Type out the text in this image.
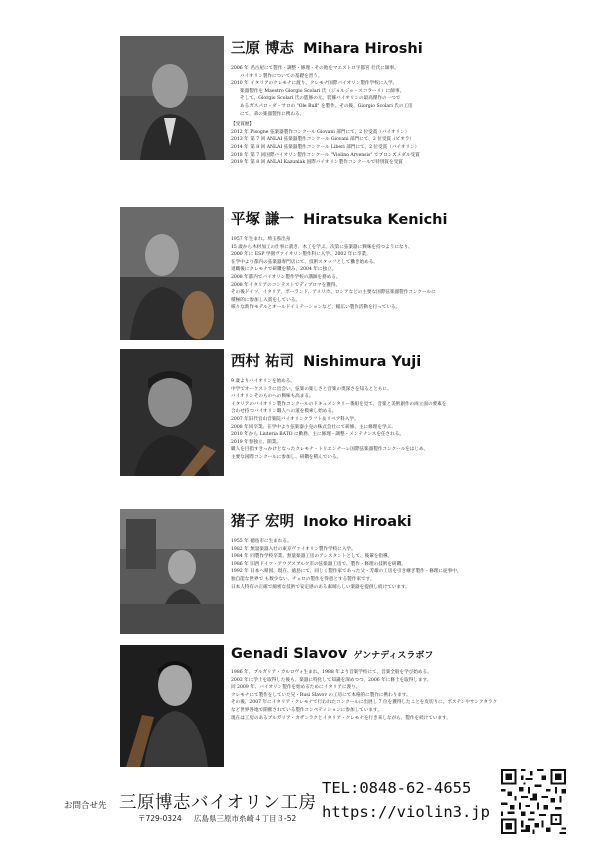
三原 博志 Mihara Hiroshi
2006 年 名古屋にて製作・調整・修理・その他をマエストロ宇都宮 壮氏に師事。
バイオリン製作についての基礎を習う。
2010 年 イタリアのクレモナに渡り、クレモナ国際バイオリン製作学校に入学。
楽器製作を Maestro Giorgio Scolari 氏（ジョルジョ・スコラーリ）に師事。
そして、Giorgio Scolari 氏の監修の元、装飾バイオリンの最高傑作の一つで
あるガスパロ・ダ・サロの "Ole Bull" を製作。その後、Giorgio Scolari 氏の工房
にて、弟の楽器製作に携わる。
【受賞歴】
2012 年 Pisogne 弦楽器製作コンクール Giovani 部門にて、2 位受賞（バイオリン）
2013 年 第 7 回 ANLAI 弦楽器製作コンクール Giovani 部門にて、2 位受賞（ビオラ）
2014 年 第 8 回 ANLAI 弦楽器製作コンクール Liberi 部門にて、2 位受賞（バイオリン）
2018 年 第 7 回国際バイオリン製作コンクール "Violino Arvensis" でブロンズメダル受賞
2019 年 第 8 回 ANLAI Kazunlak 国際バイオリン製作コンクールで特別賞を受賞
平塚 謙一 Hiratsuka Kenichi
1957 年生まれ。埼玉県出身
15 歳から木材加工の仕事に就き、木工を学ぶ。次第に弦楽器に興味を持つようになり、
2000 年に ESP 学園ヴァイオリン製作科に入学、2002 年に卒業。
在学中より都内の弦楽器専門店にて、技術スタッフとして働き始める。
退職後にクレモナで研鑽を積み、2004 年に独立。
2008 年都内でバイオリン製作学校の講師を務める。
2008 年イタリアのコンテストでディプロマを獲得。
その後ドイツ、イタリア、ポーランド、アメリカ、ロシアなどの主要な国際弦楽器製作コンクールに
積極的に参加し入賞をしている。
様々な新作モデルとオールドイミテーションなど、幅広い製作活動を行っている。
西村 祐司 Nishimura Yuji
9 歳よりバイオリンを始める。
中学でオーケストラに出会い、弦楽の楽しさと音楽の奥深さを知るとともに、
バイオリンそのものへの興味も高まる。
イタリアのバイオリン製作コンクールのドキュメンタリー番組を見て、音楽と美術創作の両立面の要素を
合わせ持つバイオリン職人への道を模索し始める。
2007 年旧代官山音楽院バイオリンクラフト＆リペア科入学。
2008 年同卒業。在学中より弦楽器小売の株式会社にて研修、主に修理を学ぶ。
2010 年から Liuteria BATO に勤務、主に修理・調整・メンテナンスを任される。
2019 年春独立、開業。
職人を目指すきっかけとなったクレモナ・トリエンナーレ国際弦楽器製作コンクールをはじめ、
主要な国際コンクールに参加し、研鑽を積んでいる。
猪子 宏明 Inoko Hiroaki
1955 年 徳島市に生まれる。
1982 年 無量楽器入社の東京ヴァイオリン製作学校に入学。
1984 年 同製作学校卒業、無量楽器工房のアシスタントとして、後輩を指導。
1986 年 旧西ドイツ・アウグスブルク市の弦楽器工房で、製作・修理の技術を研鑽。
1992 年 日本へ帰国、現在、徳島にて、同じく製作家であった父・芳雄の工房を引き継ぎ製作・修理に従事中。
独自能な世界で も数少ない、チェロの製作を得意とする製作家です。
日本人特有の正確で綿密な技術で安定感のある素晴らしい楽器を提供し続けています。
Genadi Slavov ゲンナディスラボフ
1986 年、ブルガリア・カルロヴォ生まれ。1988 年より音楽学校にて、音楽全般を学び始める。
2003 年に学士を取得した後も、楽器に特化して知識を深めつつ、2006 年に修士を取得します。
同 2009 年、バイオリン製作を始めるためにイタリアに渡り、
クレモナにて製作をしていた兄・Rusi Slavov の工房にて本格的に製作に携わります。
その後、2007 年にイタリア・クレモナで行われたコンクールに出展し 7 位を獲得したことを皮切りに、ボステンやサンクタラク
など世界各地で開催されている製作コンペティションに参加しています。
現在は工房のあるブルガリア・カザンラクとイタリア・クレモナを行き来しながら、製作を続けています。
お問合せ先 三原博志バイオリン工房
〒729-0324 広島県三原市糸崎４丁目３-52
TEL:0848-62-4655
https://violin3.jp
